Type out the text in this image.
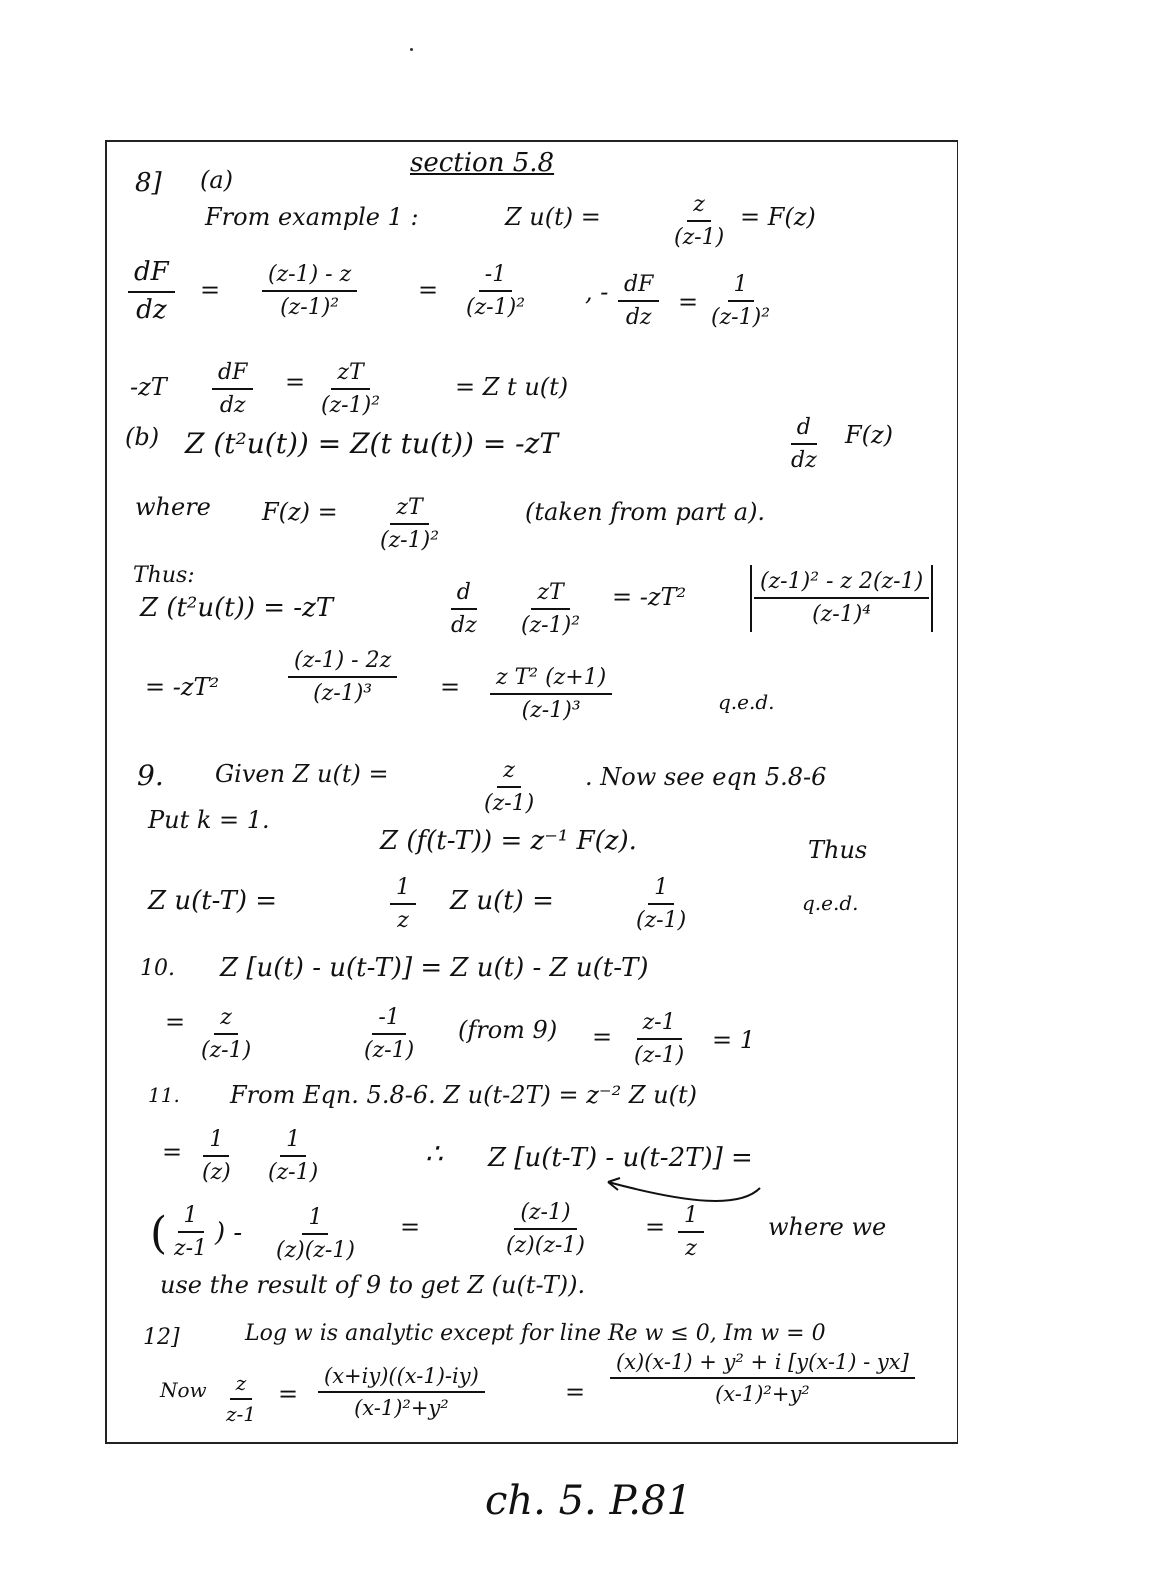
section 5.8
8] (a)
From example 1 :	Z u(t) =	$\frac{z}{(z-1)} = F(z)$
$\frac{dF}{dz} = \frac{(z-1) - z}{\text{(z-1)²}}$	= $\frac{-1}{\text{(z-1)²}}$ , - $\frac{dF}{dz} = \frac{1}{\text{(z-1)²}}$
$-zT \frac{dF}{dz} = \frac{zT}{\text{(z-1)²}}$	= Z t u(t)
(b) Z (t²u(t)) = Z(t tu(t)) = -zT	$\frac{d}{dz} F(z)$
where $F(z) = \frac{zT}{\text{(z-1)²}}$	(taken from part a).
Thus:
Z (t²u(t)) = -zT	$\frac{d}{dz} \frac{zT}{\text{(z-1)²}} = -zT^2$	$\frac{\text{(z-1)² - z 2(z-1)}}{\text{(z-1)⁴}}$
= -zT²	$\frac{(z-1) - 2z}{\text{(z-1)³}} = \frac{\text{z T² (z+1)}}{\text{(z-1)³}}$	q.e.d.
9. Given Z u(t) =	$\frac{z}{(z-1)}$ . Now see eqn 5.8-6
Put k = 1.
Z (f(t-T)) = z⁻¹ F(z).	Thus
Z u(t-T) =	$\frac{1}{z}$ Z u(t) =	$\frac{1}{(z-1)}$	q.e.d.
10. Z [u(t) - u(t-T)] = Z u(t) - Z u(t-T)
= $\frac{z}{(z-1)}$	$\frac{-1}{(z-1)}$ (from $9) = \frac{z-1}{(z-1)} = 1$
11. From Eqn. 5.8-6. Z u(t-2T) = z⁻² Z u(t)
= $\frac{1}{(z)} \frac{1}{(z-1)}$	∴ Z [u(t-T) - u(t-2T)] =
( $\frac{1}{z-1}$ ) - $\frac{1}{(z)(z-1)}$ =	$\frac{(z-1)}{(z)(z-1)} = \frac{1}{z}$	where we
use the result of 9 to get Z (u(t-T)).
12]	Log w is analytic except for line Re w ≤ 0, Im w = 0
Now $\frac{z}{z-1} = \frac{(x+iy)((x-1)-iy)}{\text{(x-1)²+y²}}$	= $\frac{\text{(x)(x-1) + y² + i [y(x-1) - yx]}}{\text{(x-1)²+y²}}$
ch. 5. P.81
